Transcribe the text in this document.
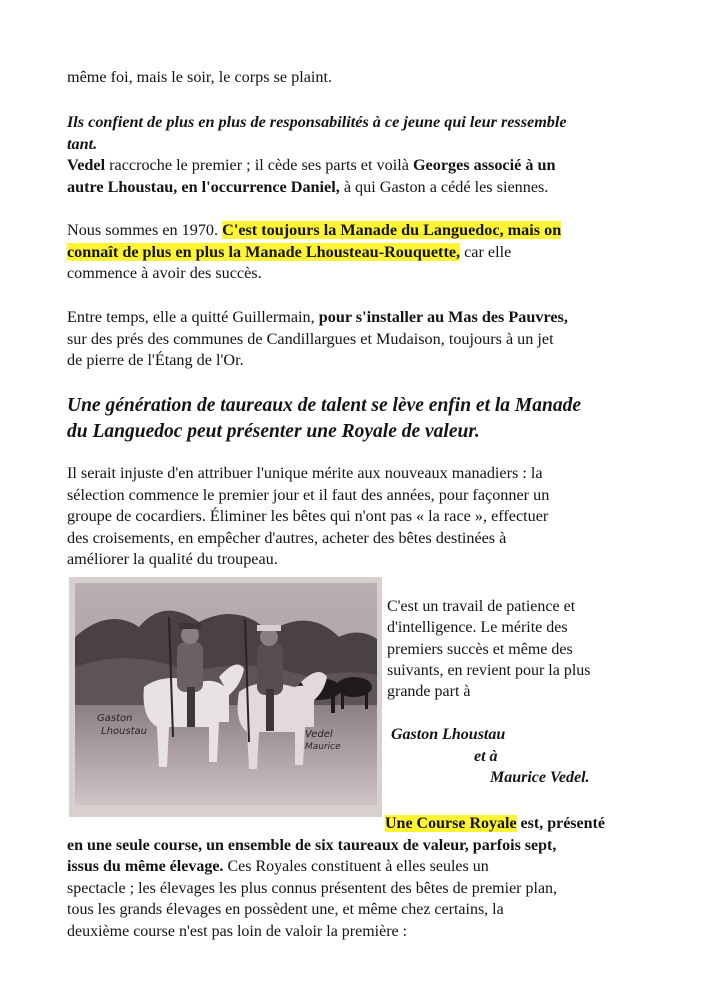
même foi, mais le soir, le corps se plaint.
Ils confient de plus en plus de responsabilités à ce jeune qui leur ressemble
tant.
Vedel raccroche le premier ; il cède ses parts et voilà Georges associé à un
autre Lhoustau, en l'occurrence Daniel, à qui Gaston a cédé les siennes.
Nous sommes en 1970. C'est toujours la Manade du Languedoc, mais on
connaît de plus en plus la Manade Lhousteau-Rouquette, car elle
commence à avoir des succès.
Entre temps, elle a quitté Guillermain, pour s'installer au Mas des Pauvres,
sur des prés des communes de Candillargues et Mudaison, toujours à un jet
de pierre de l'Étang de l'Or.
Une génération de taureaux de talent se lève enfin et la Manade
du Languedoc peut présenter une Royale de valeur.
Il serait injuste d'en attribuer l'unique mérite aux nouveaux manadiers : la
sélection commence le premier jour et il faut des années, pour façonner un
groupe de cocardiers. Éliminer les bêtes qui n'ont pas « la race », effectuer
des croisements, en empêcher d'autres, acheter des bêtes destinées à
améliorer la qualité du troupeau.
Gaston
Lhoustau	Vedel
Maurice
C'est un travail de patience et
d'intelligence. Le mérite des
premiers succès et même des
suivants, en revient pour la plus
grande part à
Gaston Lhoustau
et à
Maurice Vedel.
Une Course Royale est, présenté
en une seule course, un ensemble de six taureaux de valeur, parfois sept,
issus du même élevage. Ces Royales constituent à elles seules un
spectacle ; les élevages les plus connus présentent des bêtes de premier plan,
tous les grands élevages en possèdent une, et même chez certains, la
deuxième course n'est pas loin de valoir la première :
